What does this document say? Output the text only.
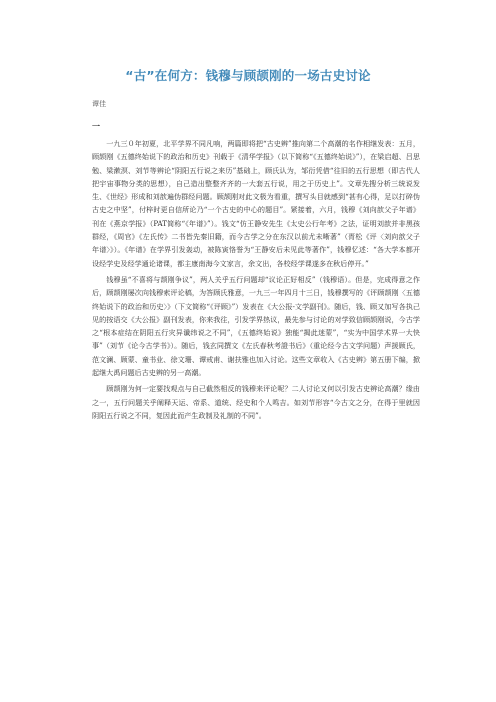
“古”在何方：钱穆与顾颉刚的一场古史讨论
谭佳
一

一九三０年初夏，北平学界不同凡响，两篇即将把“古史辨”推向第二个高潮的名作相继发表：五月，顾颉刚《五德终始说下的政治和历史》刊载于《清华学报》（以下简称“《五德终始说》”），在梁启超、吕思勉、梁漱溟、刘节等辨论“阴阳五行说之来历”基础上，顾氏认为，邹衍凭借“往旧的五行思想（即古代人把宇宙事物分类的思想），自己造出整整齐齐的一大套五行说，用之于历史上”。文章先搜分析三统说发生、《世经》形成和刘歆遍伪群经问题。顾颉刚对此文极为看重，撰写头目就感到“甚有心得，足以打碎伪古史之中坚”，付梓时更自信所论乃“一个古史的中心的题目”。紧接着，六月，钱穆《刘向歆父子年谱》刊在《燕京学报》（PAT简称“《年谱》”）。钱文“仿王静安先生《太史公行年考》之法，证明刘歆并非黑孩群经，《周官》《左氏传》二书皆先秦旧籍，而今古学之分在东汉以前尤未晰著”（胥松《评〈刘向歆父子年谱〉》）。《年谱》在学界引发轰动，被陈寅恪誉为“王静安后未见此等著作”，钱穆忆述：“各大学本都开设经学史及经学通论诸课，都主康南海今文家言，余文出，各校经学课遂多在秋后停开。”

钱穆虽“不喜将与颉刚争议”，两人关乎五行问题却“议论正好相反”（钱穆语）。但是，完成得意之作后，顾颉刚屡次向钱穆索评论稿，为答顾氏雅意，一九三一年四月十三日，钱穆撰写的《评顾颉刚〈五德终始说下的政治和历史〉》（下文简称“《评顾》”）发表在《大公报-文学副刊》。随后，钱、顾又加写各执己见的按语交《大公报》副刊发表，你来我往，引发学界热议，最先参与讨论的对学致信顾颉刚说，今古学之“根本症结在阴阳五行灾异谶纬说之不同”，《五德终始说》独能“揭此迷蒙”，“实为中国学术界一大快事”（刘节《论今古学书》）。随后，钱玄同撰文《左氏春秋考證书后》（重论经今古文学问题）声援顾氏，范文澜、顾蒙、童书业、徐文珊、谭戒甫、谢扶雅也加入讨论。这些文章收入《古史辨》第五册下编，掀起继大禹问题后古史辨的另一高潮。

顾颉刚为何一定要找观点与自己截然相反的钱穆来评论呢？二人讨论又何以引发古史辨论高潮？缘由之一，五行问题关乎阐释天运、帝系、道统、经史和个人鸣吉。如刘节形容“今古文之分，在得于里就因阴阳五行说之不同，复因此而产生政制及礼制的不同”。
